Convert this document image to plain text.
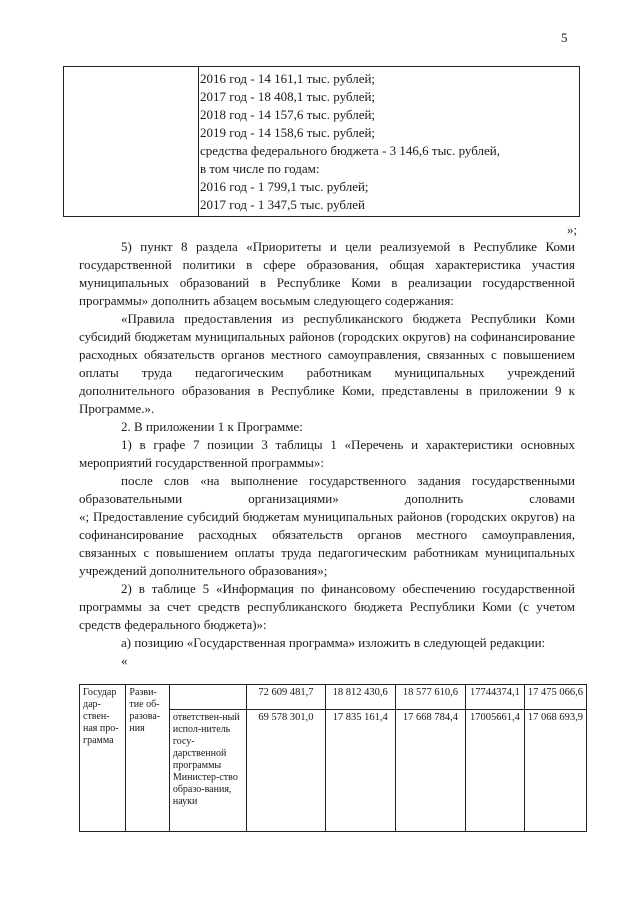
5
2016 год - 14 161,1 тыс. рублей;
2017 год - 18 408,1 тыс. рублей;
2018 год - 14 157,6 тыс. рублей;
2019 год - 14 158,6 тыс. рублей;
средства федерального бюджета - 3 146,6 тыс. рублей,
в том числе по годам:
2016 год - 1 799,1 тыс. рублей;
2017 год - 1 347,5 тыс. рублей
»;

5) пункт 8 раздела «Приоритеты и цели реализуемой в Республике Коми государственной политики в сфере образования, общая характеристика участия муниципальных образований в Республике Коми в реализации государственной программы» дополнить абзацем восьмым следующего содержания:

«Правила предоставления из республиканского бюджета Республики Коми субсидий бюджетам муниципальных районов (городских округов) на софинансирование расходных обязательств органов местного самоуправления, связанных с повышением оплаты труда педагогическим работникам муниципальных учреждений дополнительного образования в Республике Коми, представлены в приложении 9 к Программе.».

2. В приложении 1 к Программе:

1) в графе 7 позиции 3 таблицы 1 «Перечень и характеристики основных мероприятий государственной программы»:

после слов «на выполнение государственного задания государственными образовательными организациями» дополнить словами

«; Предоставление субсидий бюджетам муниципальных районов (городских округов) на софинансирование расходных обязательств органов местного самоуправления, связанных с повышением оплаты труда педагогическим работникам муниципальных учреждений дополнительного образования»;

2) в таблице 5 «Информация по финансовому обеспечению государственной программы за счет средств республиканского бюджета Республики Коми (с учетом средств федерального бюджета)»:

а) позицию «Государственная программа» изложить в следующей редакции:

«

Государ дар-ствен-ная про-грамма	Разви-тие об-разова-ния		72 609 481,7	18 812 430,6	18 577 610,6	17744374,1	17 475 066,6
		ответствен-ный испол-нитель госу-дарственной программы Министер-ство образо-вания, науки	69 578 301,0	17 835 161,4	17 668 784,4	17005661,4	17 068 693,9
